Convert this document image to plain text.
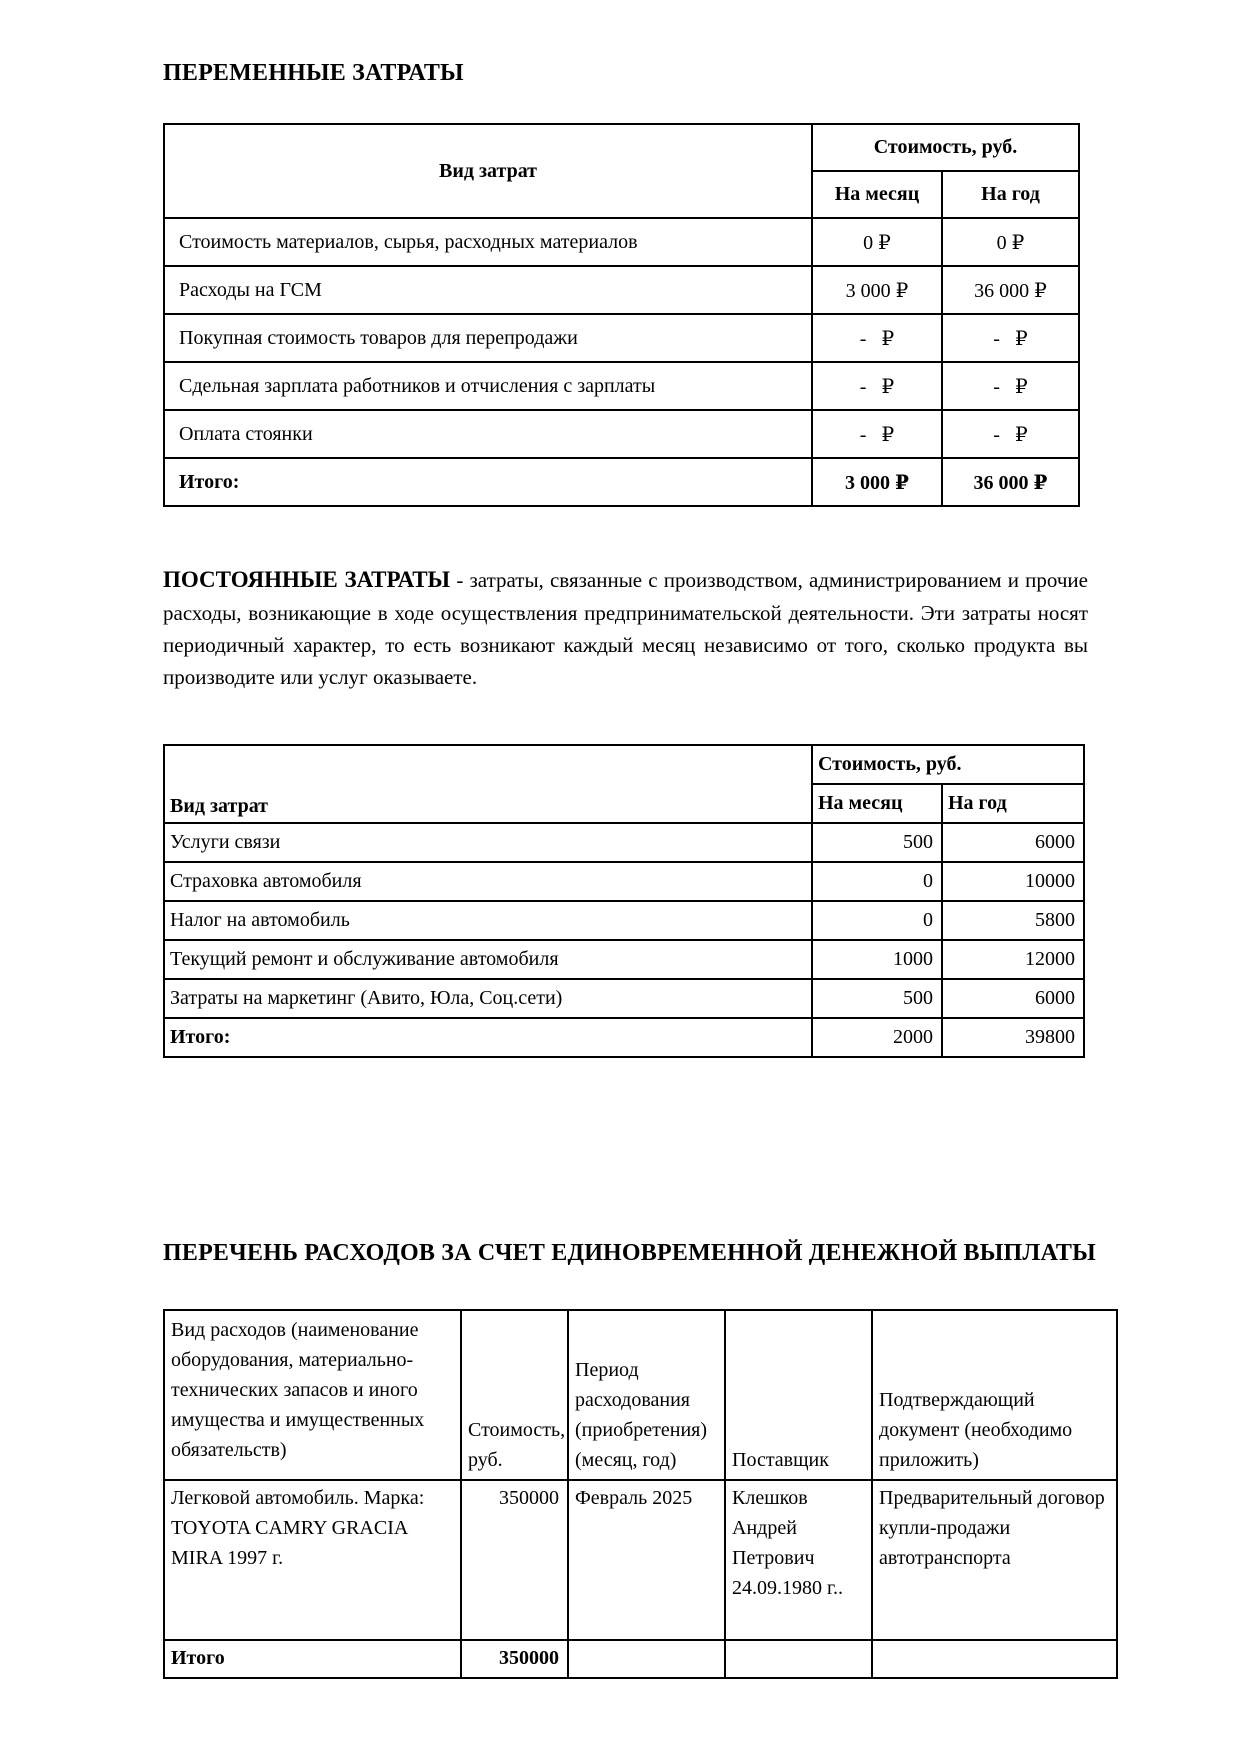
ПЕРЕМЕННЫЕ ЗАТРАТЫ
Вид затрат	Стоимость, руб.	
	На месяц	На год
Стоимость материалов, сырья, расходных материалов	0 ₽	0 ₽
Расходы на ГСМ	3 000 ₽	36 000 ₽
Покупная стоимость товаров для перепродажи	-   ₽	-   ₽
Сдельная зарплата работников и отчисления с зарплаты	-   ₽	-   ₽
Оплата стоянки	-   ₽	-   ₽
Итого:	3 000 ₽	36 000 ₽

ПОСТОЯННЫЕ ЗАТРАТЫ - затраты, связанные с производством, администрированием и прочие расходы, возникающие в ходе осуществления предпринимательской деятельности. Эти затраты носят периодичный характер, то есть возникают каждый месяц независимо от того, сколько продукта вы производите или услуг оказываете.

Вид затрат	Стоимость, руб.	
	На месяц	На год
Услуги связи	500	6000
Страховка автомобиля	0	10000
Налог на автомобиль	0	5800
Текущий ремонт и обслуживание автомобиля	1000	12000
Затраты на маркетинг (Авито, Юла, Соц.сети)	500	6000
Итого:	2000	39800
ПЕРЕЧЕНЬ РАСХОДОВ ЗА СЧЕТ ЕДИНОВРЕМЕННОЙ ДЕНЕЖНОЙ ВЫПЛАТЫ
Вид расходов (наименование оборудования, материально-технических запасов и иного имущества и имущественных обязательств)	Стоимость, руб.	Период расходования (приобретения) (месяц, год)	Поставщик	Подтверждающий документ (необходимо приложить)
Легковой автомобиль. Марка: TOYOTA CAMRY GRACIA MIRA 1997 г.	350000	Февраль 2025	Клешков Андрей Петрович 24.09.1980 г..	Предварительный договор купли-продажи автотранспорта
Итого	350000			
